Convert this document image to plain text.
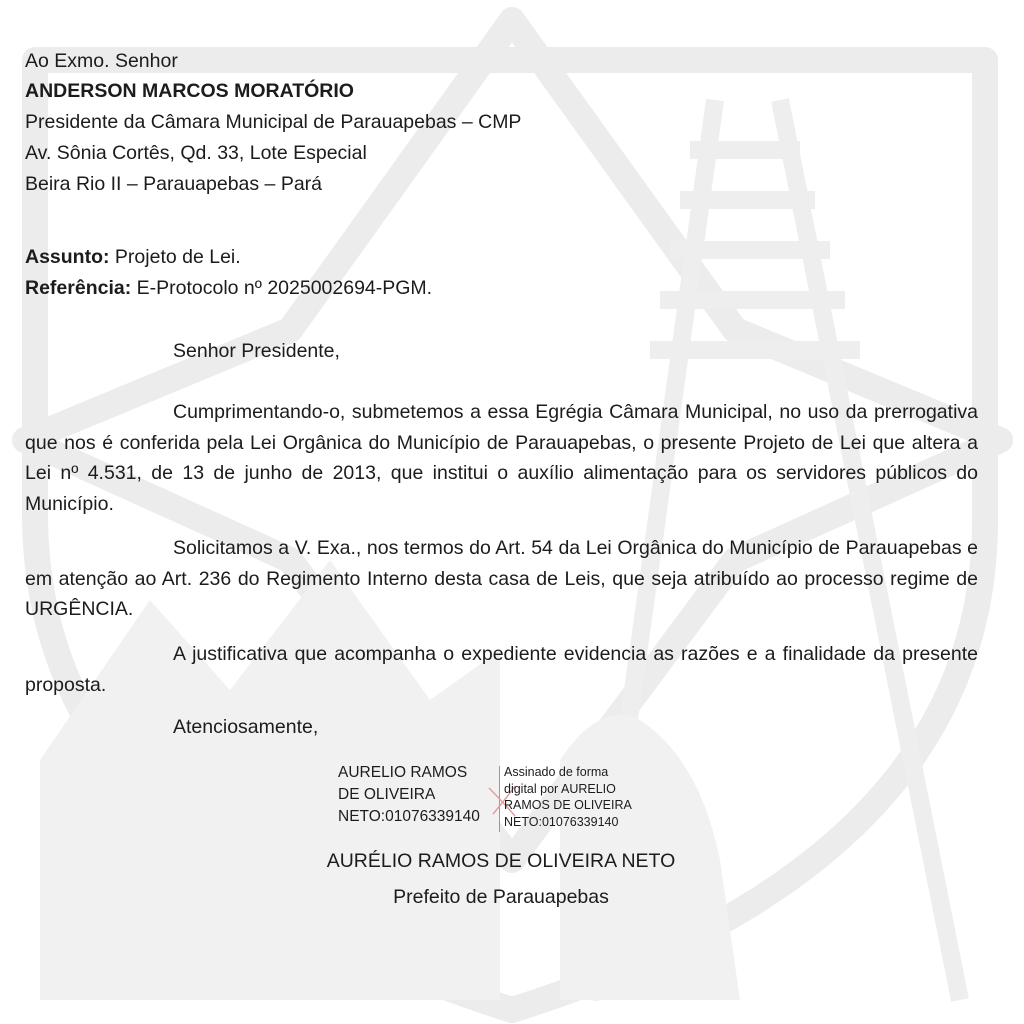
Ao Exmo. Senhor
ANDERSON MARCOS MORATÓRIO
Presidente da Câmara Municipal de Parauapebas – CMP
Av. Sônia Cortês, Qd. 33, Lote Especial
Beira Rio II – Parauapebas – Pará
Assunto: Projeto de Lei.
Referência: E-Protocolo nº 2025002694-PGM.
Senhor Presidente,
Cumprimentando-o, submetemos a essa Egrégia Câmara Municipal, no uso da prerrogativa que nos é conferida pela Lei Orgânica do Município de Parauapebas, o presente Projeto de Lei que altera a Lei nº 4.531, de 13 de junho de 2013, que institui o auxílio alimentação para os servidores públicos do Município.
Solicitamos a V. Exa., nos termos do Art. 54 da Lei Orgânica do Município de Parauapebas e em atenção ao Art. 236 do Regimento Interno desta casa de Leis, que seja atribuído ao processo regime de URGÊNCIA.
A justificativa que acompanha o expediente evidencia as razões e a finalidade da presente proposta.
Atenciosamente,
AURELIO RAMOS
DE OLIVEIRA
NETO:01076339140
Assinado de forma
digital por AURELIO
RAMOS DE OLIVEIRA
NETO:01076339140
AURÉLIO RAMOS DE OLIVEIRA NETO
Prefeito de Parauapebas
